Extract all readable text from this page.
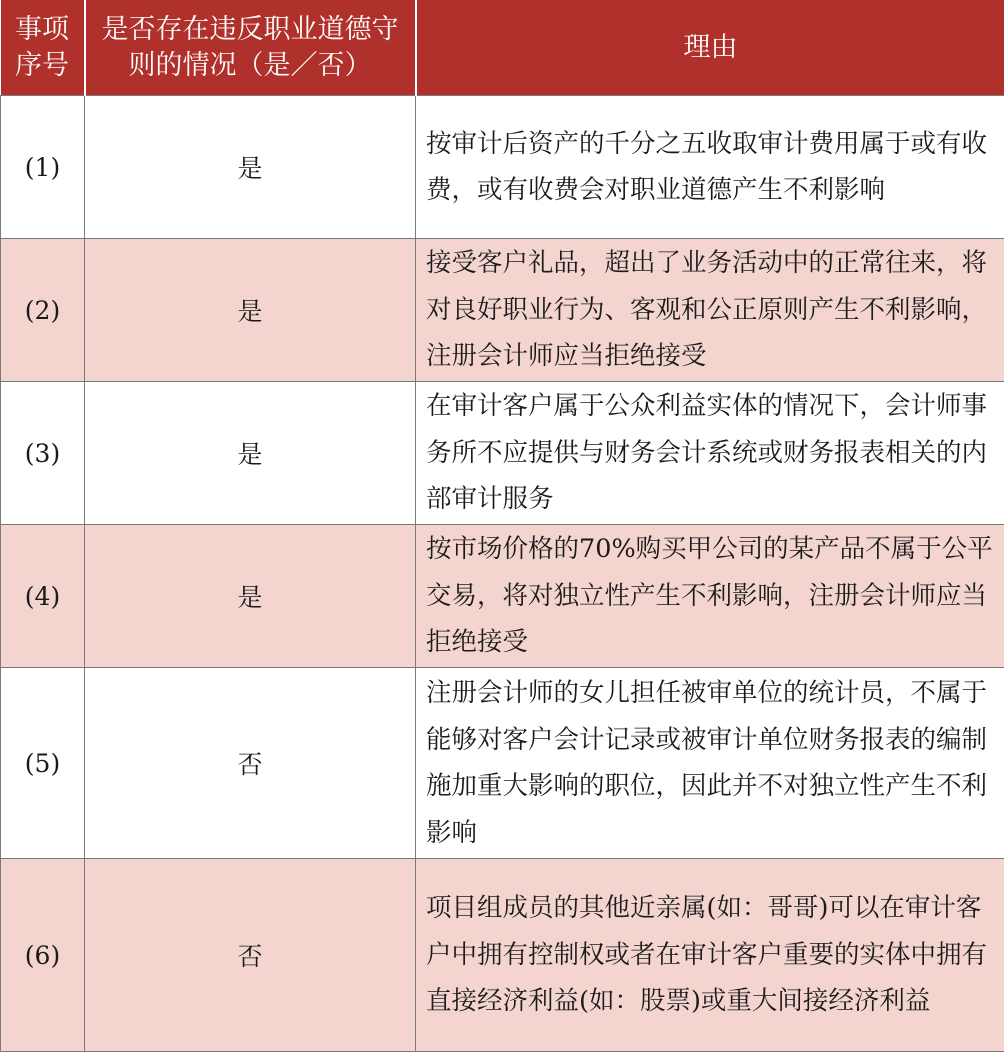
事项序号	是否存在违反职业道德守则的情况（是／否）	理由
(1)	是	按审计后资产的千分之五收取审计费用属于或有收费，或有收费会对职业道德产生不利影响
(2)	是	接受客户礼品，超出了业务活动中的正常往来，将对良好职业行为、客观和公正原则产生不利影响，注册会计师应当拒绝接受
(3)	是	在审计客户属于公众利益实体的情况下，会计师事务所不应提供与财务会计系统或财务报表相关的内部审计服务
(4)	是	按市场价格的70%购买甲公司的某产品不属于公平交易，将对独立性产生不利影响，注册会计师应当拒绝接受
(5)	否	注册会计师的女儿担任被审单位的统计员，不属于能够对客户会计记录或被审计单位财务报表的编制施加重大影响的职位，因此并不对独立性产生不利影响
(6)	否	项目组成员的其他近亲属(如：哥哥)可以在审计客户中拥有控制权或者在审计客户重要的实体中拥有直接经济利益(如：股票)或重大间接经济利益
